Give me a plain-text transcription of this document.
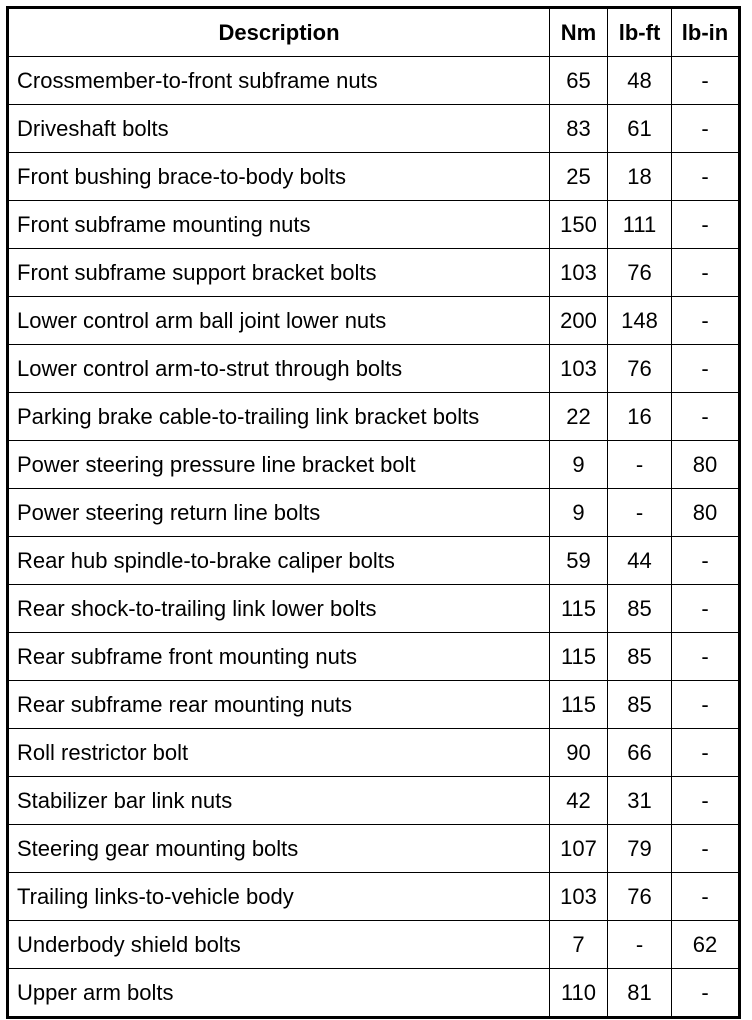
Description	Nm	lb-ft	lb-in
Crossmember-to-front subframe nuts	65	48	-
Driveshaft bolts	83	61	-
Front bushing brace-to-body bolts	25	18	-
Front subframe mounting nuts	150	111	-
Front subframe support bracket bolts	103	76	-
Lower control arm ball joint lower nuts	200	148	-
Lower control arm-to-strut through bolts	103	76	-
Parking brake cable-to-trailing link bracket bolts	22	16	-
Power steering pressure line bracket bolt	9	-	80
Power steering return line bolts	9	-	80
Rear hub spindle-to-brake caliper bolts	59	44	-
Rear shock-to-trailing link lower bolts	115	85	-
Rear subframe front mounting nuts	115	85	-
Rear subframe rear mounting nuts	115	85	-
Roll restrictor bolt	90	66	-
Stabilizer bar link nuts	42	31	-
Steering gear mounting bolts	107	79	-
Trailing links-to-vehicle body	103	76	-
Underbody shield bolts	7	-	62
Upper arm bolts	110	81	-
